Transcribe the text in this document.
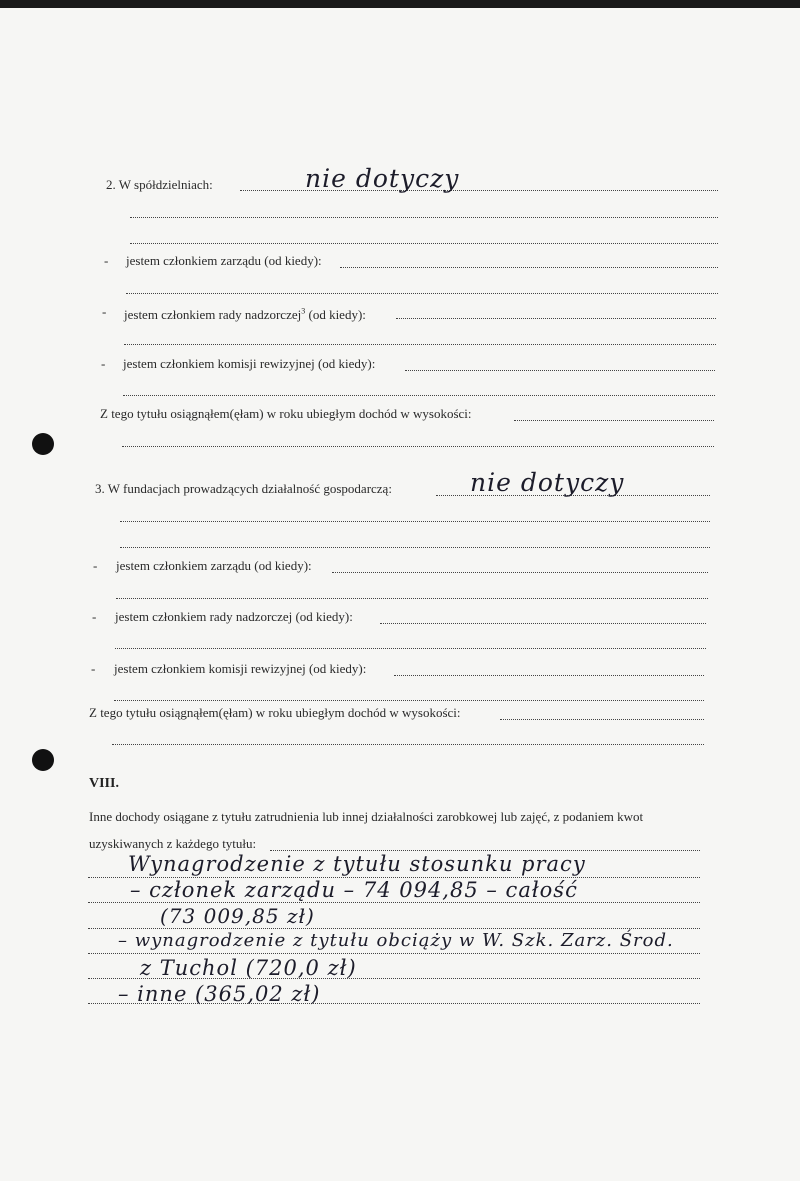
2. W spółdzielniach:	nie dotyczy
- jestem członkiem zarządu (od kiedy):
- jestem członkiem rady nadzorczej$^3$ (od kiedy):
- jestem członkiem komisji rewizyjnej (od kiedy):
Z tego tytułu osiągnąłem(ęłam) w roku ubiegłym dochód w wysokości:
3. W fundacjach prowadzących działalność gospodarczą:	nie dotyczy
- jestem członkiem zarządu (od kiedy):
- jestem członkiem rady nadzorczej (od kiedy):
- jestem członkiem komisji rewizyjnej (od kiedy):
Z tego tytułu osiągnąłem(ęłam) w roku ubiegłym dochód w wysokości:
VIII.
Inne dochody osiągane z tytułu zatrudnienia lub innej działalności zarobkowej lub zajęć, z podaniem kwot
uzyskiwanych z każdego tytułu:
Wynagrodzenie z tytułu stosunku pracy
– członek zarządu – 74 094,85 – całość
(73 009,85 zł)
– wynagrodzenie z tytułu obciąży w W. Szk. Zarz. Środ.
z Tuchol (720,0 zł)
– inne (365,02 zł)
